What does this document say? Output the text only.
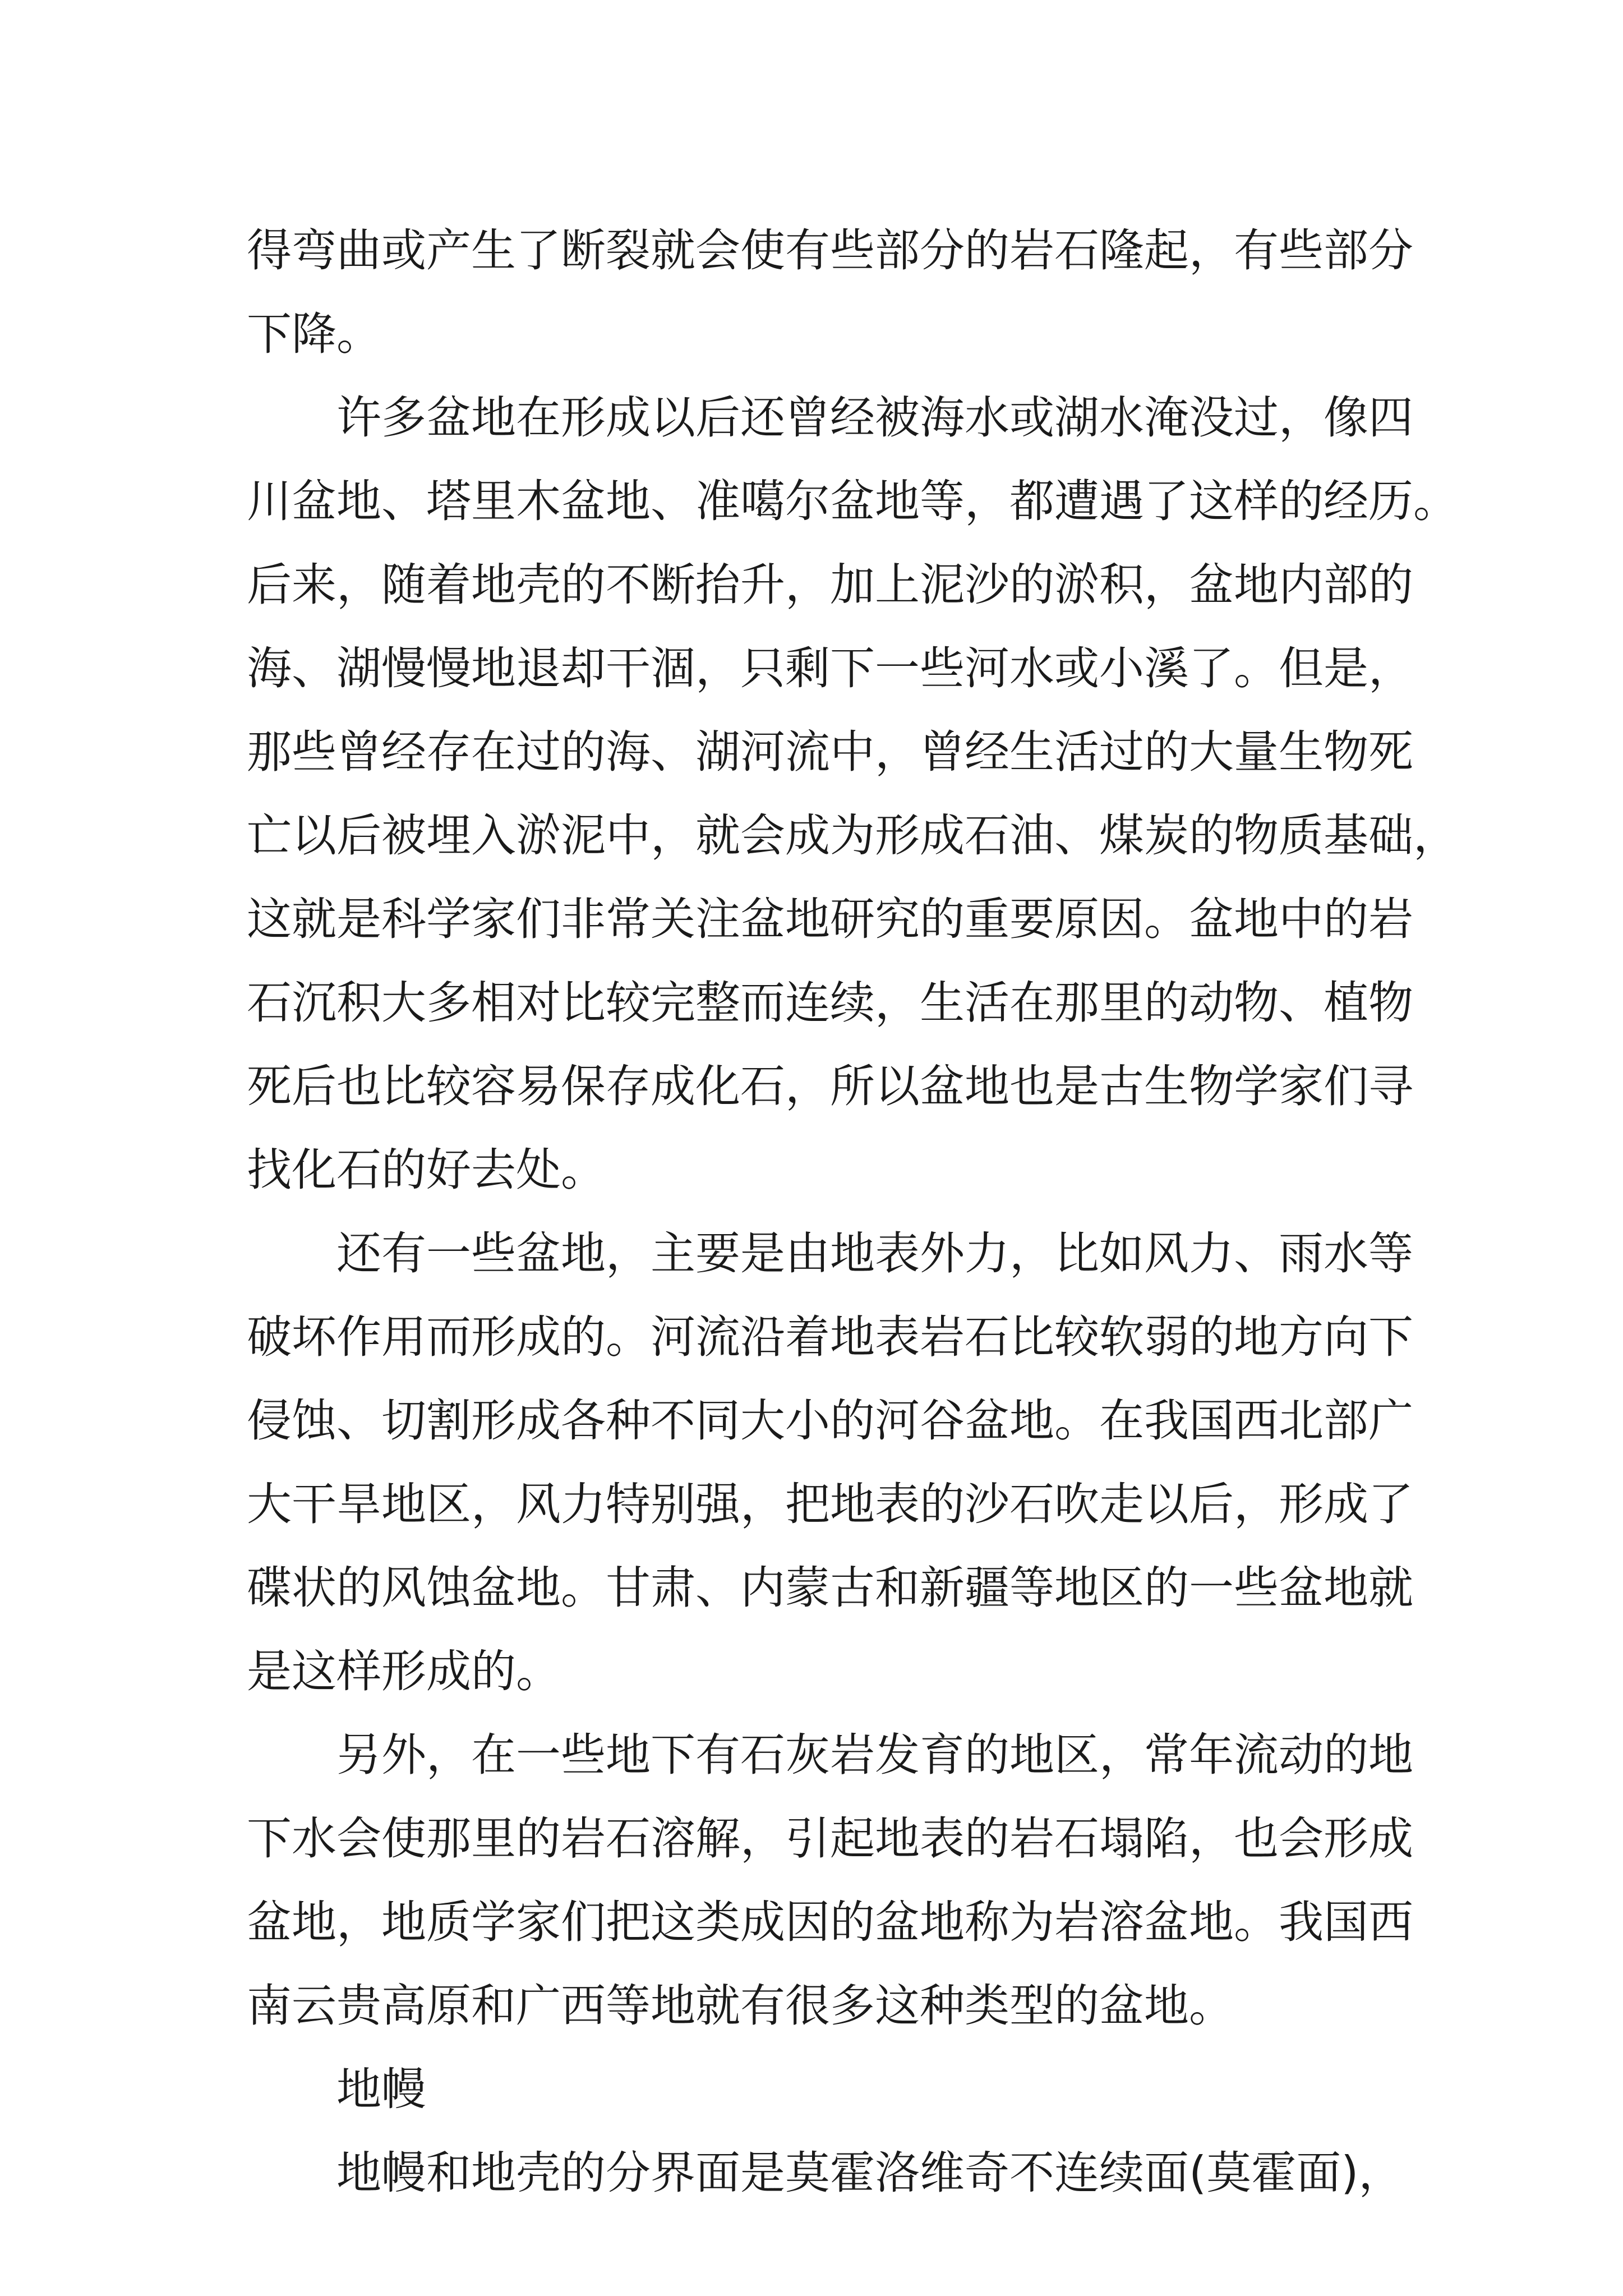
得弯曲或产生了断裂就会使有些部分的岩石隆起，有些部分
下降。
许多盆地在形成以后还曾经被海水或湖水淹没过，像四
川盆地、塔里木盆地、准噶尔盆地等，都遭遇了这样的经历。
后来，随着地壳的不断抬升，加上泥沙的淤积，盆地内部的
海、湖慢慢地退却干涸，只剩下一些河水或小溪了。但是，
那些曾经存在过的海、湖河流中，曾经生活过的大量生物死
亡以后被埋入淤泥中，就会成为形成石油、煤炭的物质基础，
这就是科学家们非常关注盆地研究的重要原因。盆地中的岩
石沉积大多相对比较完整而连续，生活在那里的动物、植物
死后也比较容易保存成化石，所以盆地也是古生物学家们寻
找化石的好去处。
还有一些盆地，主要是由地表外力，比如风力、雨水等
破坏作用而形成的。河流沿着地表岩石比较软弱的地方向下
侵蚀、切割形成各种不同大小的河谷盆地。在我国西北部广
大干旱地区，风力特别强，把地表的沙石吹走以后，形成了
碟状的风蚀盆地。甘肃、内蒙古和新疆等地区的一些盆地就
是这样形成的。
另外，在一些地下有石灰岩发育的地区，常年流动的地
下水会使那里的岩石溶解，引起地表的岩石塌陷，也会形成
盆地，地质学家们把这类成因的盆地称为岩溶盆地。我国西
南云贵高原和广西等地就有很多这种类型的盆地。
地幔
地幔和地壳的分界面是莫霍洛维奇不连续面(莫霍面)，
